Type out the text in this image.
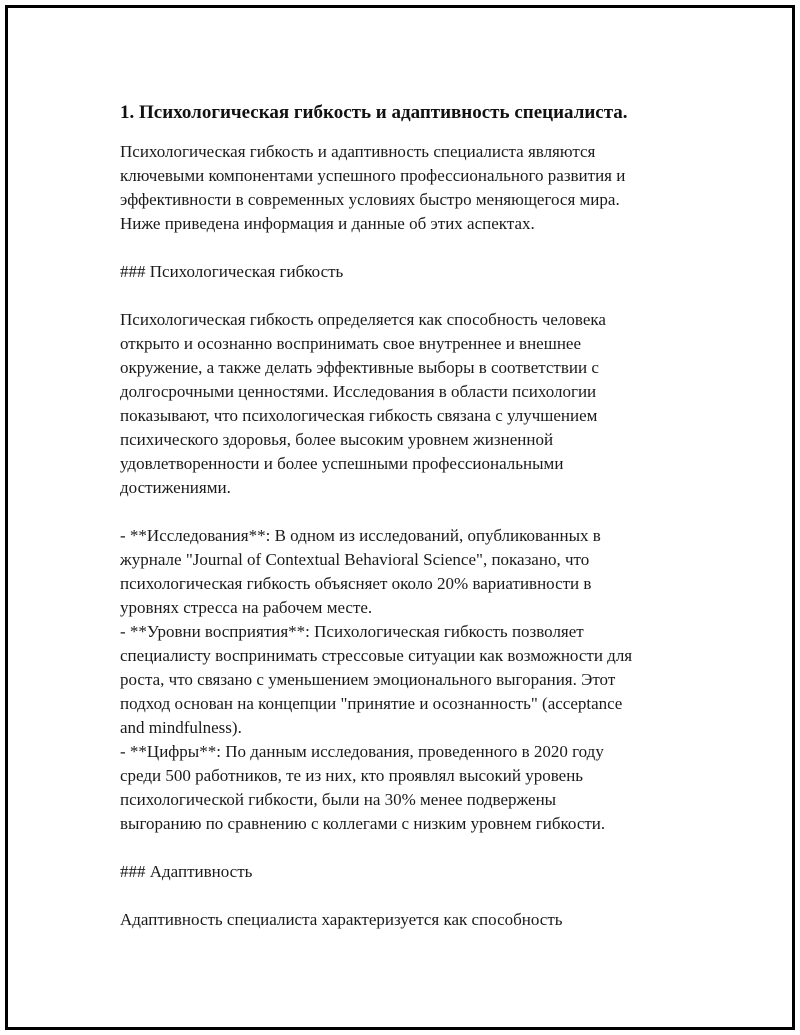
1. Психологическая гибкость и адаптивность специалиста.

Психологическая гибкость и адаптивность специалиста являются
ключевыми компонентами успешного профессионального развития и
эффективности в современных условиях быстро меняющегося мира.
Ниже приведена информация и данные об этих аспектах.

### Психологическая гибкость

Психологическая гибкость определяется как способность человека
открыто и осознанно воспринимать свое внутреннее и внешнее
окружение, а также делать эффективные выборы в соответствии с
долгосрочными ценностями. Исследования в области психологии
показывают, что психологическая гибкость связана с улучшением
психического здоровья, более высоким уровнем жизненной
удовлетворенности и более успешными профессиональными
достижениями.

- **Исследования**: В одном из исследований, опубликованных в
журнале "Journal of Contextual Behavioral Science", показано, что
психологическая гибкость объясняет около 20% вариативности в
уровнях стресса на рабочем месте.

- **Уровни восприятия**: Психологическая гибкость позволяет
специалисту воспринимать стрессовые ситуации как возможности для
роста, что связано с уменьшением эмоционального выгорания. Этот
подход основан на концепции "принятие и осознанность" (acceptance
and mindfulness).

- **Цифры**: По данным исследования, проведенного в 2020 году
среди 500 работников, те из них, кто проявлял высокий уровень
психологической гибкости, были на 30% менее подвержены
выгоранию по сравнению с коллегами с низким уровнем гибкости.

### Адаптивность

Адаптивность специалиста характеризуется как способность
